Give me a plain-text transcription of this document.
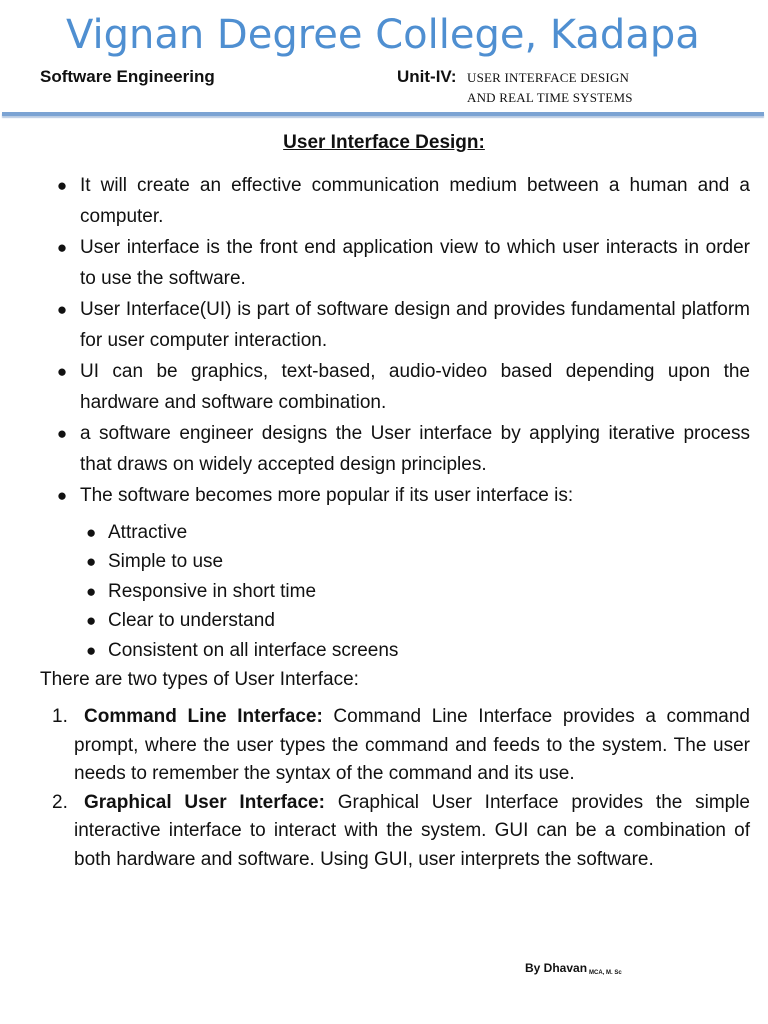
Vignan Degree College, Kadapa
Software Engineering	Unit-IV: USER INTERFACE DESIGN
AND REAL TIME SYSTEMS
User Interface Design:
● It will create an effective communication medium between a human and a computer.
● User interface is the front end application view to which user interacts in order to use the software.
● User Interface(UI) is part of software design and provides fundamental platform for user computer interaction.
● UI can be graphics, text-based, audio-video based depending upon the hardware and software combination.
● a software engineer designs the User interface by applying iterative process that draws on widely accepted design principles.
● The software becomes more popular if its user interface is:
● Attractive
● Simple to use
● Responsive in short time
● Clear to understand
● Consistent on all interface screens
There are two types of User Interface:
1. Command Line Interface: Command Line Interface provides a command prompt, where the user types the command and feeds to the system. The user needs to remember the syntax of the command and its use.
2. Graphical User Interface: Graphical User Interface provides the simple interactive interface to interact with the system. GUI can be a combination of both hardware and software. Using GUI, user interprets the software.
By Dhavan MCA, M. Sc
